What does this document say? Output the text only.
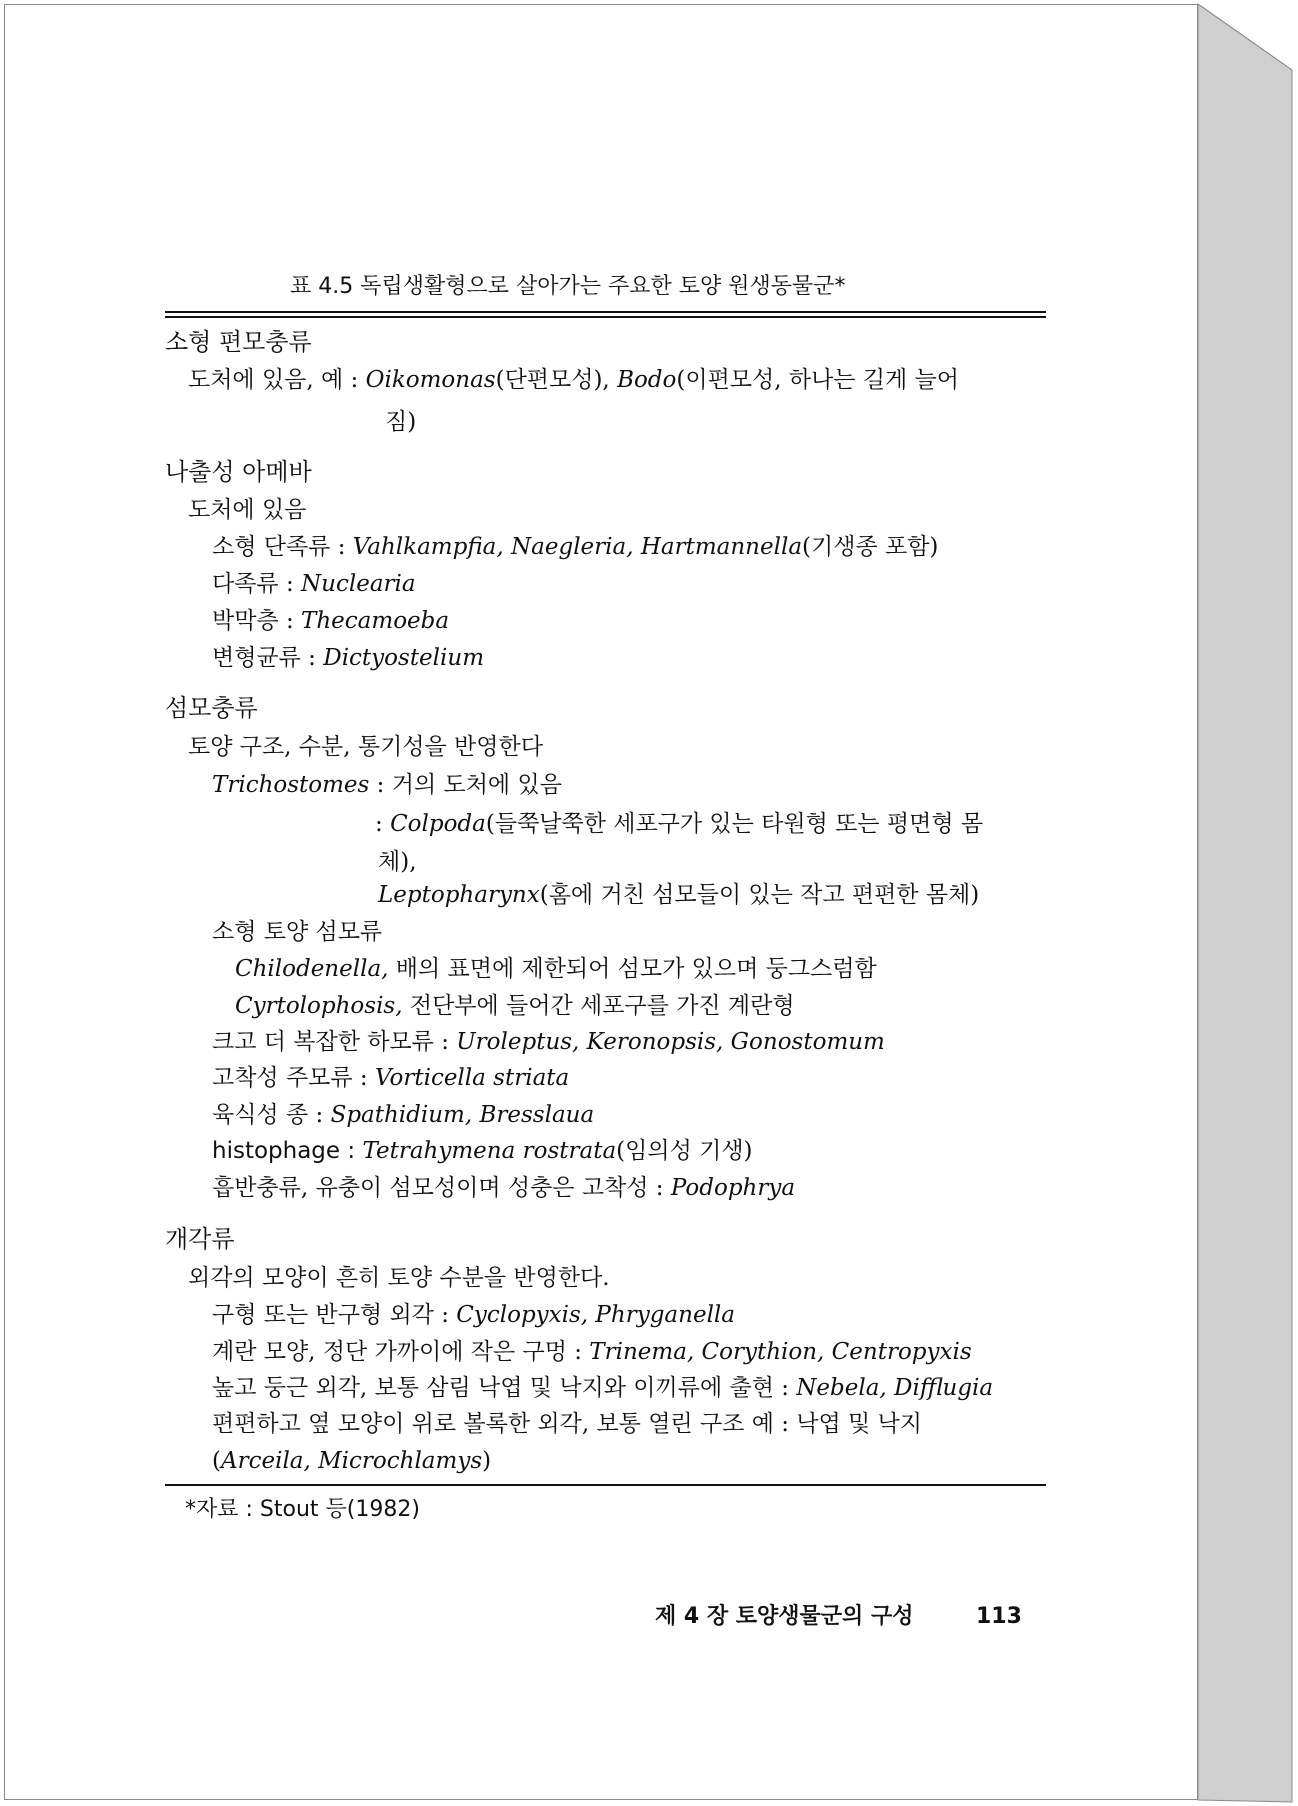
표 4.5 독립생활형으로 살아가는 주요한 토양 원생동물군*
소형 편모충류
도처에 있음, 예 : Oikomonas(단편모성), Bodo(이편모성, 하나는 길게 늘어
짐)
나출성 아메바
도처에 있음
소형 단족류 : Vahlkampfia, Naegleria, Hartmannella(기생종 포함)
다족류 : Nuclearia
박막층 : Thecamoeba
변형균류 : Dictyostelium
섬모충류
토양 구조, 수분, 통기성을 반영한다
Trichostomes : 거의 도처에 있음
: Colpoda(들쭉날쭉한 세포구가 있는 타원형 또는 평면형 몸
체),
Leptopharynx(홈에 거친 섬모들이 있는 작고 편편한 몸체)
소형 토양 섬모류
Chilodenella, 배의 표면에 제한되어 섬모가 있으며 둥그스럼함
Cyrtolophosis, 전단부에 들어간 세포구를 가진 계란형
크고 더 복잡한 하모류 : Uroleptus, Keronopsis, Gonostomum
고착성 주모류 : Vorticella striata
육식성 종 : Spathidium, Bresslaua
histophage : Tetrahymena rostrata(임의성 기생)
흡반충류, 유충이 섬모성이며 성충은 고착성 : Podophrya
개각류
외각의 모양이 흔히 토양 수분을 반영한다.
구형 또는 반구형 외각 : Cyclopyxis, Phryganella
계란 모양, 정단 가까이에 작은 구멍 : Trinema, Corythion, Centropyxis
높고 둥근 외각, 보통 삼림 낙엽 및 낙지와 이끼류에 출현 : Nebela, Difflugia
편편하고 옆 모양이 위로 볼록한 외각, 보통 열린 구조 예 : 낙엽 및 낙지
(Arceila, Microchlamys)
*자료 : Stout 등(1982)
제 4 장 토양생물군의 구성	113
